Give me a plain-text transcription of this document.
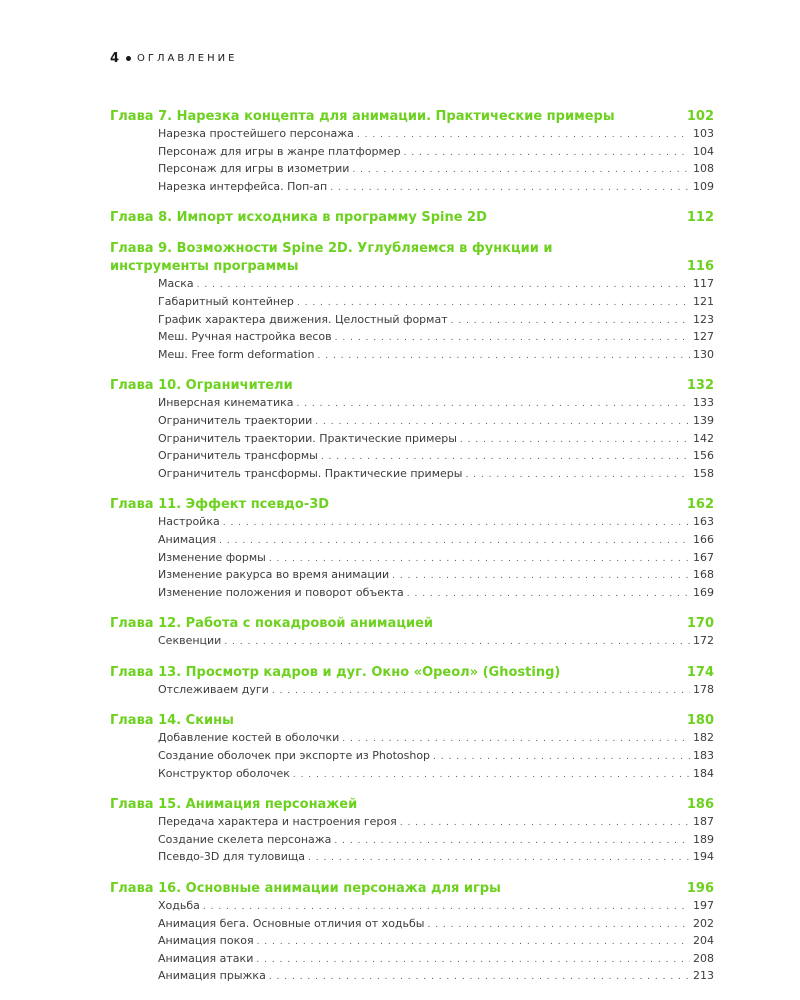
4 ОГЛАВЛЕНИЕ
Глава 7. Нарезка концепта для анимации. Практические примеры	102
Нарезка простейшего персонажа . . .	103
Персонаж для игры в жанре платформер . . .	104
Персонаж для игры в изометрии . . .	108
Нарезка интерфейса. Поп-ап . . .	109
Глава 8. Импорт исходника в программу Spine 2D	112
Глава 9. Возможности Spine 2D. Углубляемся в функции и инструменты программы	116
Маска . . .	117
Габаритный контейнер . . .	121
График характера движения. Целостный формат . . .	123
Меш. Ручная настройка весов . . .	127
Меш. Free form deformation . . .	130
Глава 10. Ограничители	132
Инверсная кинематика . . .	133
Ограничитель траектории . . .	139
Ограничитель траектории. Практические примеры . . .	142
Ограничитель трансформы . . .	156
Ограничитель трансформы. Практические примеры . . .	158
Глава 11. Эффект псевдо-3D	162
Настройка . . .	163
Анимация . . .	166
Изменение формы . . .	167
Изменение ракурса во время анимации . . .	168
Изменение положения и поворот объекта . . .	169
Глава 12. Работа с покадровой анимацией	170
Секвенции . . .	172
Глава 13. Просмотр кадров и дуг. Окно «Ореол» (Ghosting)	174
Отслеживаем дуги . . .	178
Глава 14. Скины	180
Добавление костей в оболочки . . .	182
Создание оболочек при экспорте из Photoshop . . .	183
Конструктор оболочек . . .	184
Глава 15. Анимация персонажей	186
Передача характера и настроения героя . . .	187
Создание скелета персонажа . . .	189
Псевдо-3D для туловища . . .	194
Глава 16. Основные анимации персонажа для игры	196
Ходьба . . .	197
Анимация бега. Основные отличия от ходьбы . . .	202
Анимация покоя . . .	204
Анимация атаки . . .	208
Анимация прыжка . . .	213
